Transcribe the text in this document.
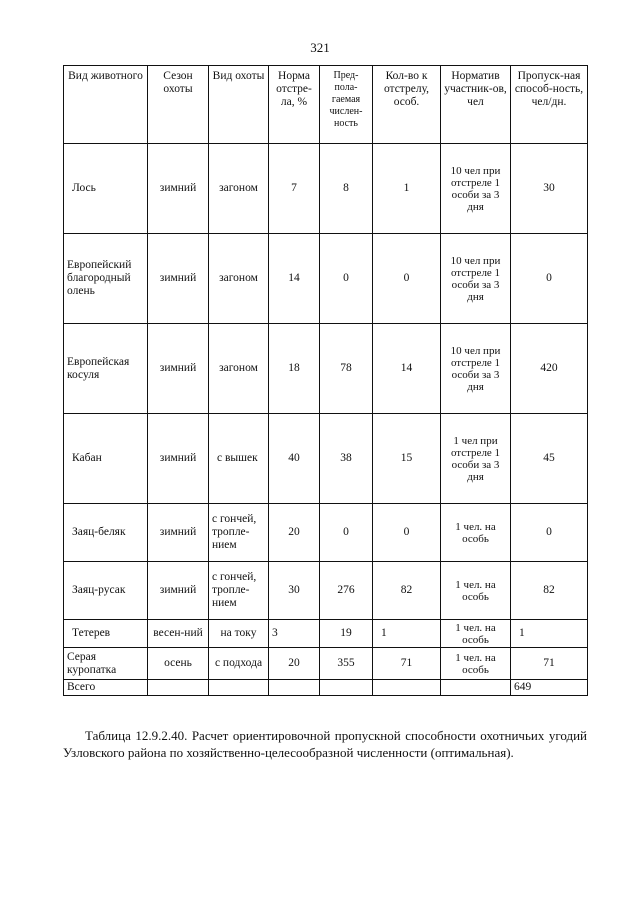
321
Вид животного	Сезон охоты	Вид охоты	Норма отстре-ла, %	Пред-пола-гаемая числен-ность	Кол-во к отстрелу, особ.	Норматив участник-ов, чел	Пропуск-ная способ-ность, чел/дн.
Лось	зимний	загоном	7	8	1	10 чел при отстреле 1 особи за 3 дня	30
Европейский благородный олень	зимний	загоном	14	0	0	10 чел при отстреле 1 особи за 3 дня	0
Европейская косуля	зимний	загоном	18	78	14	10 чел при отстреле 1 особи за 3 дня	420
Кабан	зимний	с вышек	40	38	15	1 чел при отстреле 1 особи за 3 дня	45
Заяц-беляк	зимний	с гончей, тропле-нием	20	0	0	1 чел. на особь	0
Заяц-русак	зимний	с гончей, тропле-нием	30	276	82	1 чел. на особь	82
Тетерев	весен-ний	на току	3	19	1	1 чел. на особь	1
Серая куропатка	осень	с подхода	20	355	71	1 чел. на особь	71
Всего							649
Таблица 12.9.2.40. Расчет ориентировочной пропускной способности охотничьих угодий Узловского района по хозяйственно-целесообразной численности (оптимальная).
